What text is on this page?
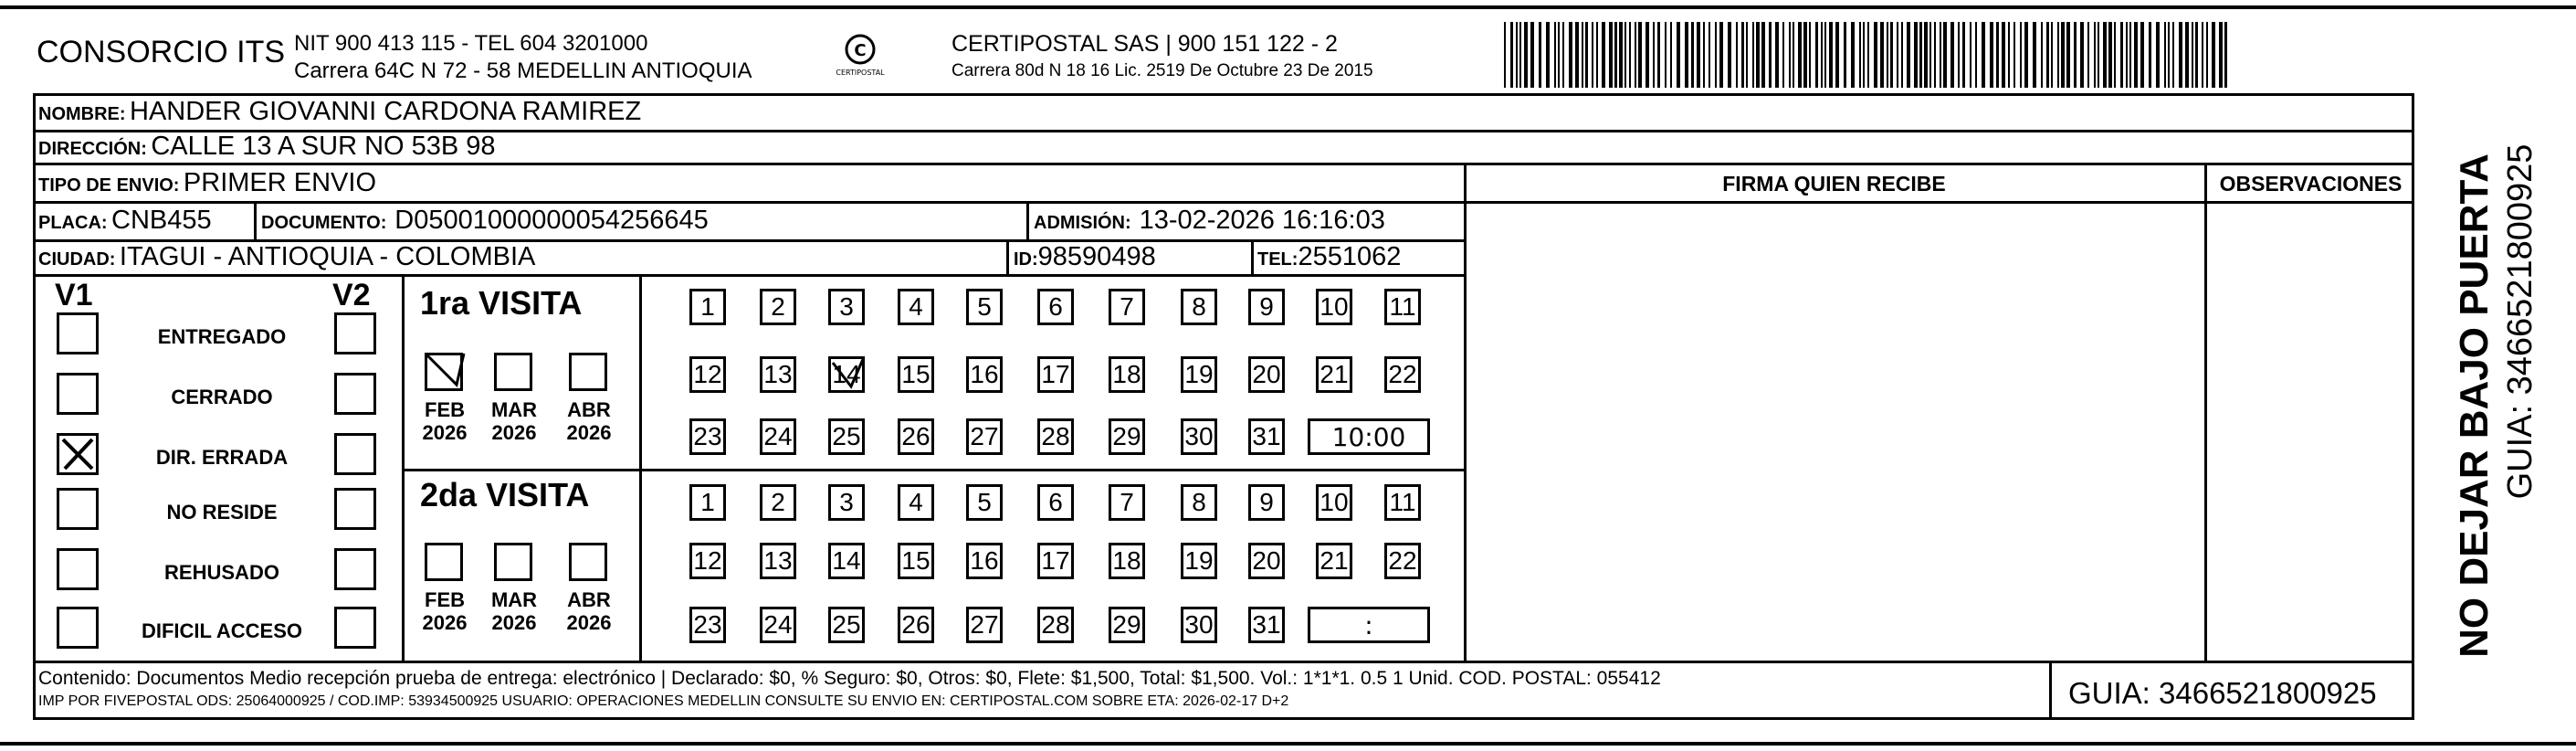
CONSORCIO ITS NIT 900 413 115 - TEL 604 3201000
Carrera 64C N 72 - 58 MEDELLIN ANTIOQUIA
C
CERTIPOSTAL
CERTIPOSTAL SAS | 900 151 122 - 2
Carrera 80d N 18 16 Lic. 2519 De Octubre 23 De 2015
NOMBRE: HANDER GIOVANNI CARDONA RAMIREZ
DIRECCIÓN: CALLE 13 A SUR NO 53B 98
TIPO DE ENVIO: PRIMER ENVIO
PLACA: CNB455	DOCUMENTO: D05001000000054256645	ADMISIÓN: 13-02-2026 16:16:03
CIUDAD: ITAGUI - ANTIOQUIA - COLOMBIA	ID:98590498	TEL:2551062
FIRMA QUIEN RECIBE	OBSERVACIONES	NO DEJAR BAJO PUERTA GUIA: 3466521800925
V1	V2
ENTREGADO
CERRADO
DIR. ERRADA
NO RESIDE
REHUSADO
DIFICIL ACCESO
1ra VISITA
2da VISITA
FEB
2026
MAR
2026
ABR
2026
FEB
2026
MAR
2026
ABR
2026
1 2 3 4 5 6 7 8 9 10 11
12 13 14 15 16 17 18 19 20 21 22
23 24 25 26 27 28 29 30 31	10:00
1 2 3 4 5 6 7 8 9 10 11
12 13 14 15 16 17 18 19 20 21 22
23 24 25 26 27 28 29 30 31	:
Contenido: Documentos Medio recepción prueba de entrega: electrónico | Declarado: $0, % Seguro: $0, Otros: $0, Flete: $1,500, Total: $1,500. Vol.: 1*1*1. 0.5 1 Unid. COD. POSTAL: 055412
IMP POR FIVEPOSTAL ODS: 25064000925 / COD.IMP: 53934500925 USUARIO: OPERACIONES MEDELLIN CONSULTE SU ENVIO EN: CERTIPOSTAL.COM SOBRE ETA: 2026-02-17 D+2	GUIA: 3466521800925
